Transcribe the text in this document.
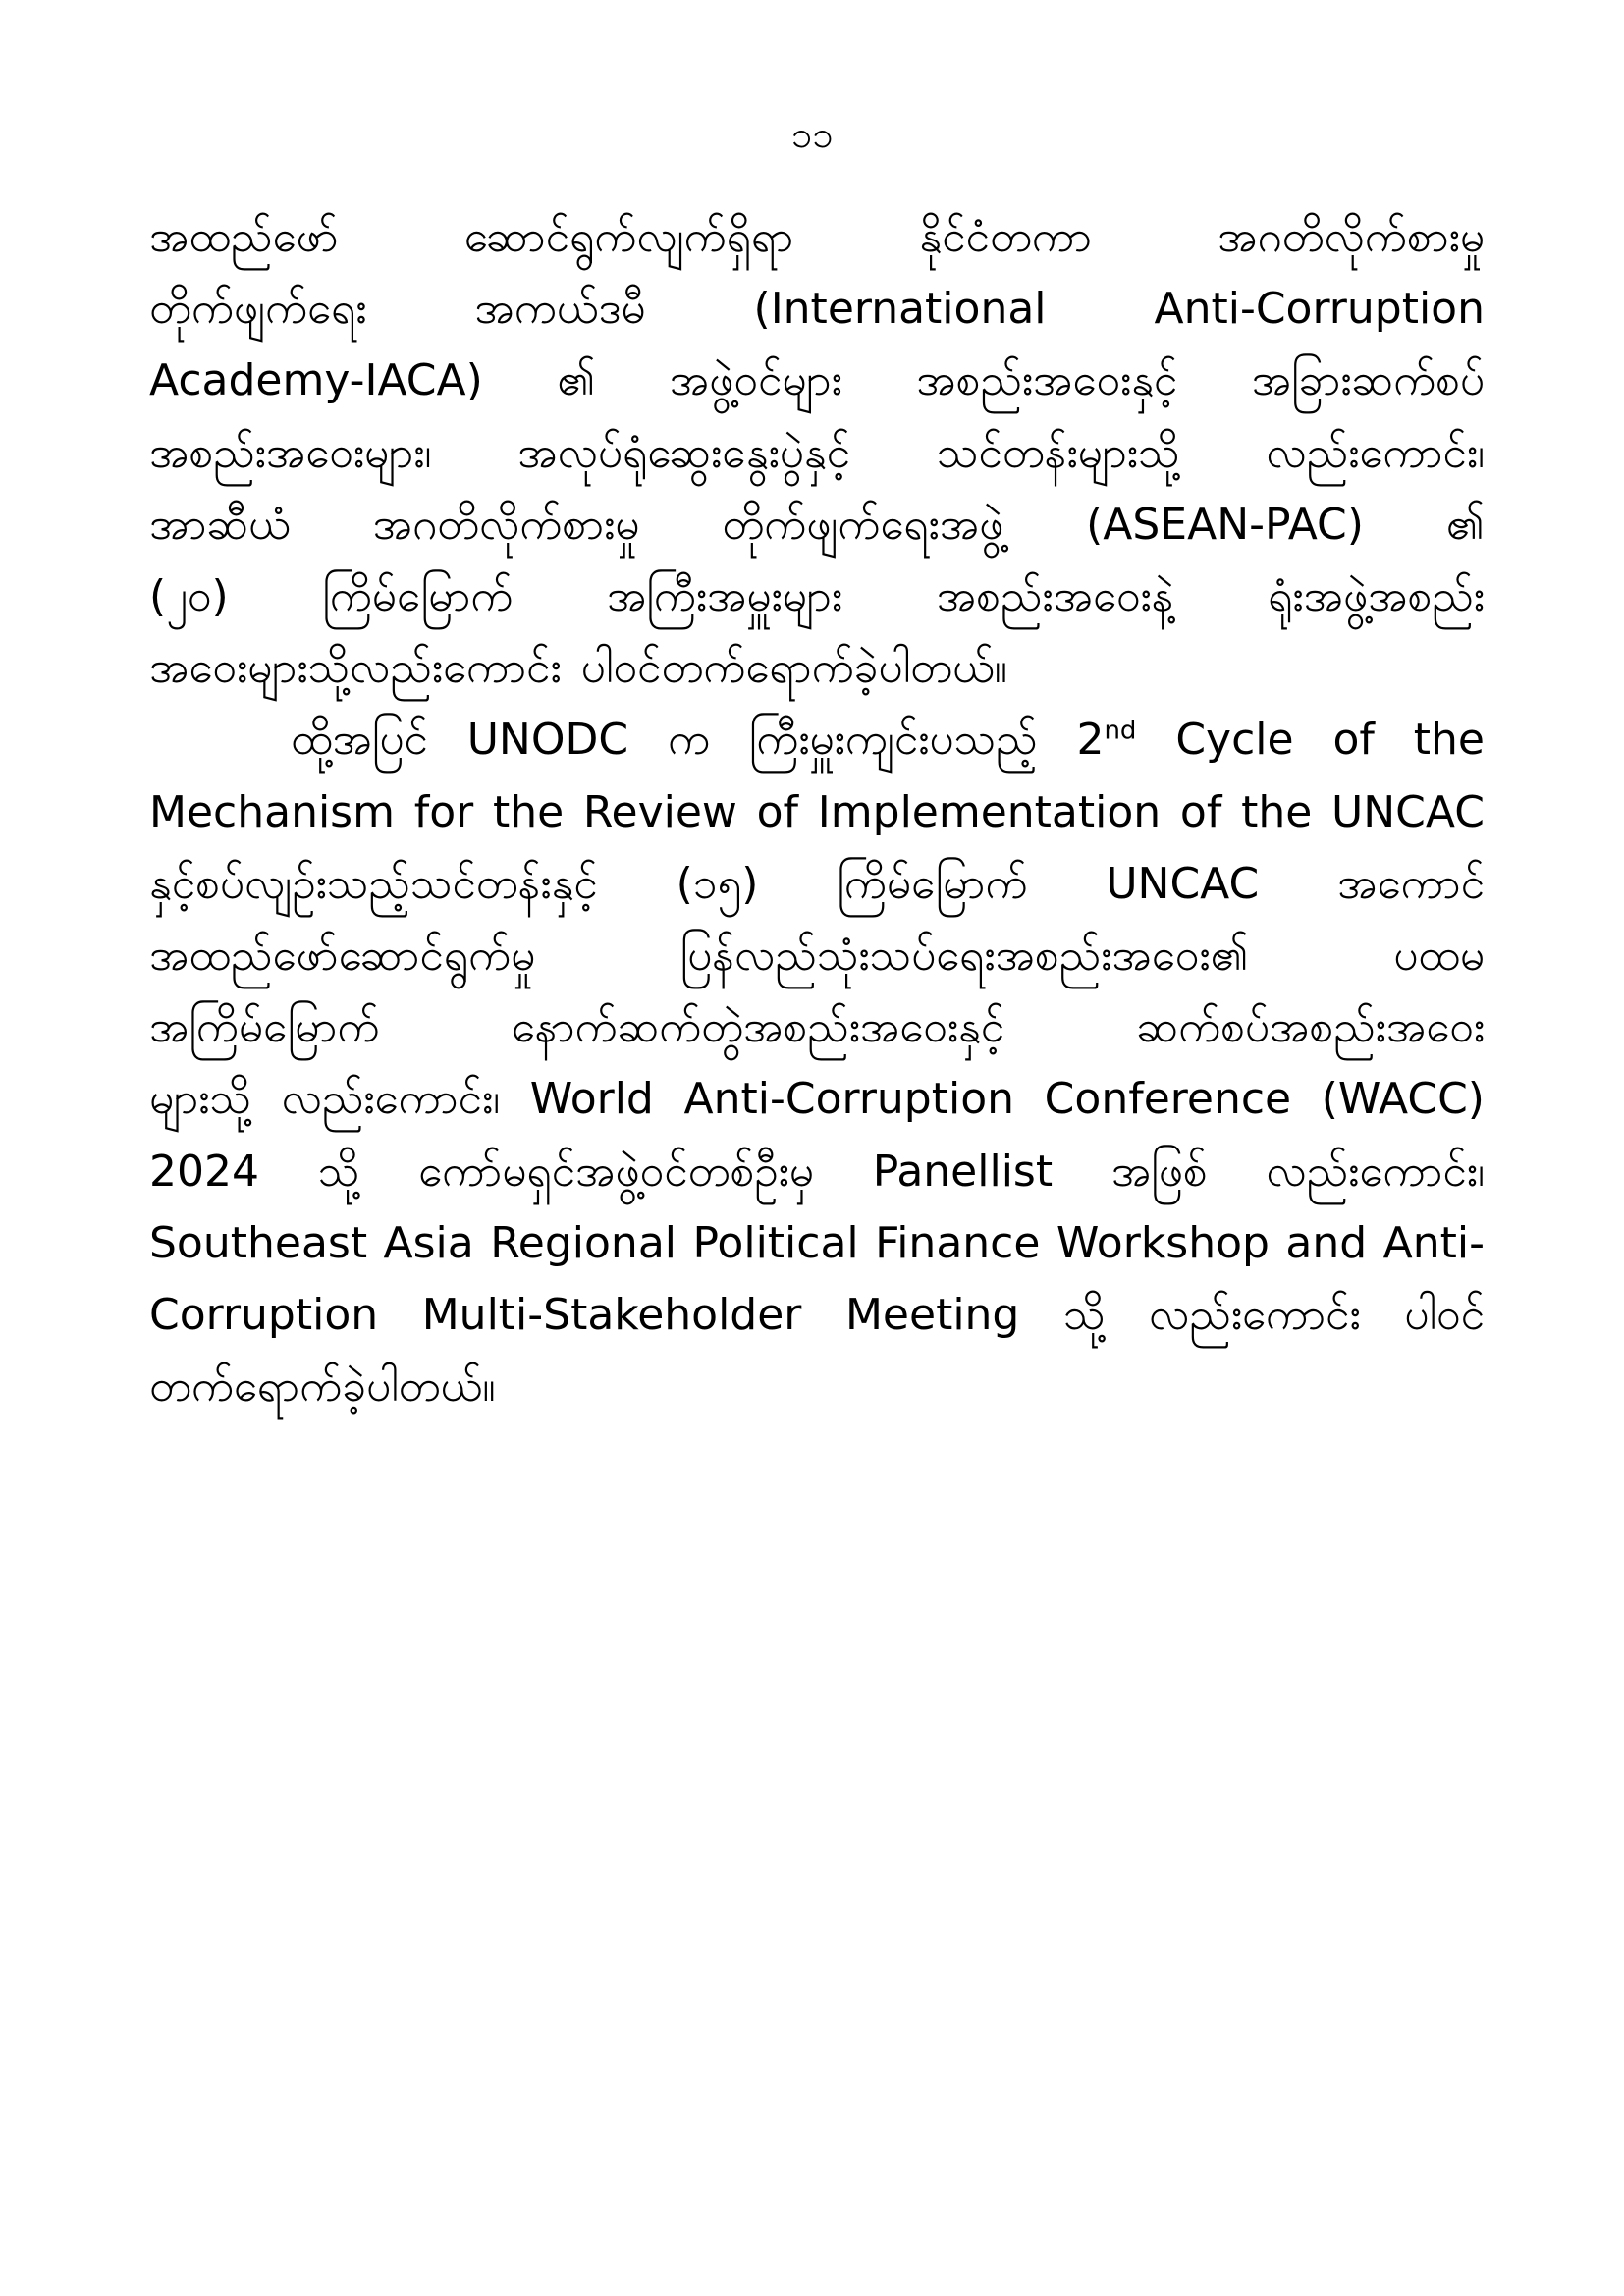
၁၁
အထည်ဖော်	ဆောင်ရွက်လျက်ရှိရာ	နိုင်ငံတကာ	အဂတိလိုက်စားမှု
တိုက်ဖျက်ရေး အကယ်ဒမီ (International Anti-Corruption
Academy-IACA) ၏ အဖွဲ့ဝင်များ အစည်းအဝေးနှင့် အခြားဆက်စပ်
အစည်းအဝေးများ၊ အလုပ်ရုံဆွေးနွေးပွဲနှင့် သင်တန်းများသို့ လည်းကောင်း၊
အာဆီယံ အဂတိလိုက်စားမှု တိုက်ဖျက်ရေးအဖွဲ့ (ASEAN-PAC) ၏
(၂၀) ကြိမ်မြောက် အကြီးအမှူးများ အစည်းအဝေးနဲ့ ရုံးအဖွဲ့အစည်း
အဝေးများသို့လည်းကောင်း ပါဝင်တက်ရောက်ခဲ့ပါတယ်။
ထို့အပြင် UNODC က ကြီးမှူးကျင်းပသည့် 2nd Cycle of the
Mechanism for the Review of Implementation of the UNCAC
နှင့်စပ်လျဉ်းသည့်သင်တန်းနှင့် (၁၅) ကြိမ်မြောက် UNCAC အကောင်
အထည်ဖော်ဆောင်ရွက်မှု	ပြန်လည်သုံးသပ်ရေးအစည်းအဝေး၏	ပထမ
အကြိမ်မြောက်	နောက်ဆက်တွဲအစည်းအဝေးနှင့်	ဆက်စပ်အစည်းအဝေး
များသို့ လည်းကောင်း၊ World Anti-Corruption Conference (WACC)
2024 သို့ ကော်မရှင်အဖွဲ့ဝင်တစ်ဦးမှ Panellist အဖြစ် လည်းကောင်း၊
Southeast Asia Regional Political Finance Workshop and Anti-
Corruption Multi-Stakeholder Meeting သို့ လည်းကောင်း ပါဝင်
တက်ရောက်ခဲ့ပါတယ်။
